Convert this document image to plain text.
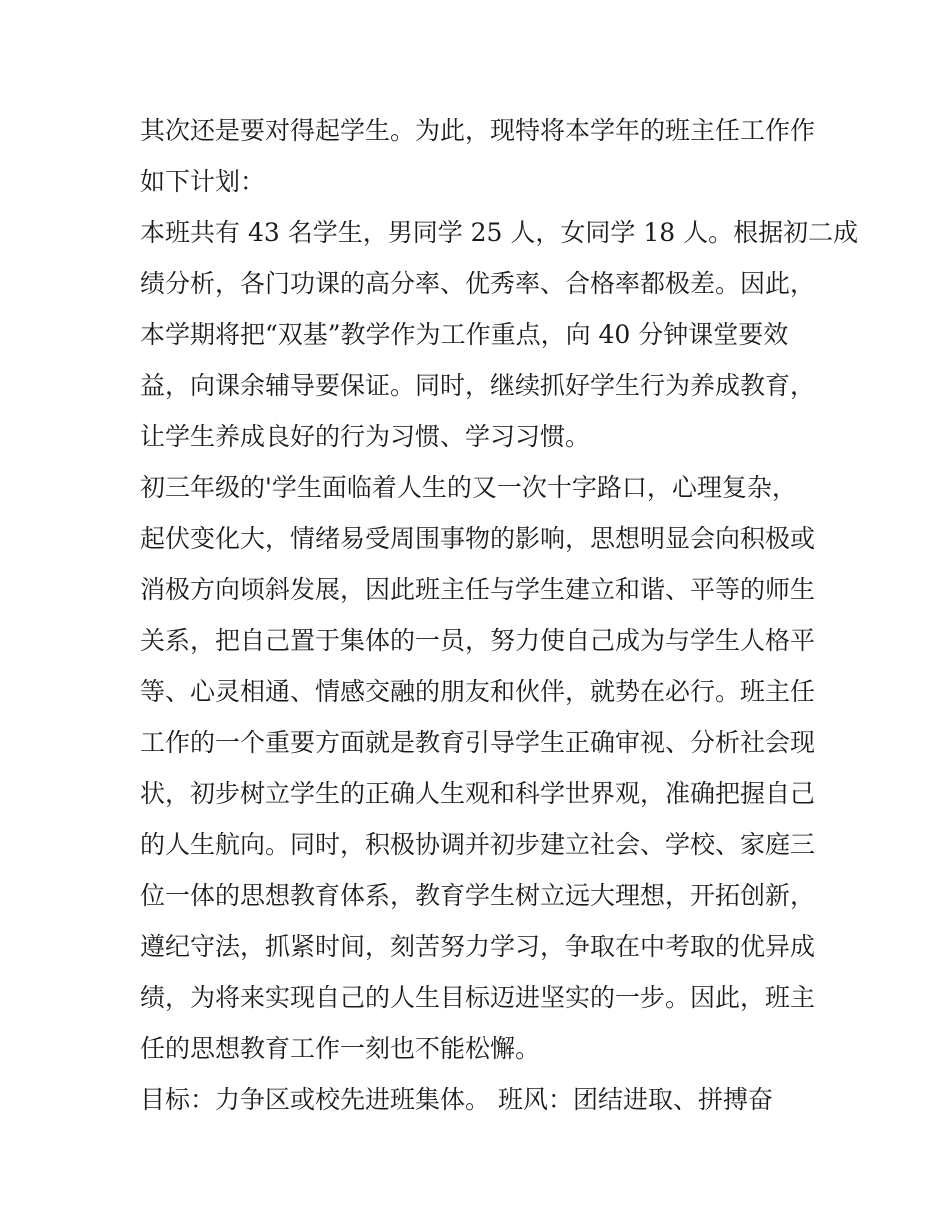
其次还是要对得起学生。为此，现特将本学年的班主任工作作
如下计划：
本班共有 43 名学生，男同学 25 人，女同学 18 人。根据初二成
绩分析，各门功课的高分率、优秀率、合格率都极差。因此，
本学期将把“双基”教学作为工作重点，向 40 分钟课堂要效
益，向课余辅导要保证。同时，继续抓好学生行为养成教育，
让学生养成良好的行为习惯、学习习惯。
初三年级的'学生面临着人生的又一次十字路口，心理复杂，
起伏变化大，情绪易受周围事物的影响，思想明显会向积极或
消极方向顷斜发展，因此班主任与学生建立和谐、平等的师生
关系，把自己置于集体的一员，努力使自己成为与学生人格平
等、心灵相通、情感交融的朋友和伙伴，就势在必行。班主任
工作的一个重要方面就是教育引导学生正确审视、分析社会现
状，初步树立学生的正确人生观和科学世界观，准确把握自己
的人生航向。同时，积极协调并初步建立社会、学校、家庭三
位一体的思想教育体系，教育学生树立远大理想，开拓创新，
遵纪守法，抓紧时间，刻苦努力学习，争取在中考取的优异成
绩，为将来实现自己的人生目标迈进坚实的一步。因此，班主
任的思想教育工作一刻也不能松懈。
目标：力争区或校先进班集体。 班风：团结进取、拼搏奋
